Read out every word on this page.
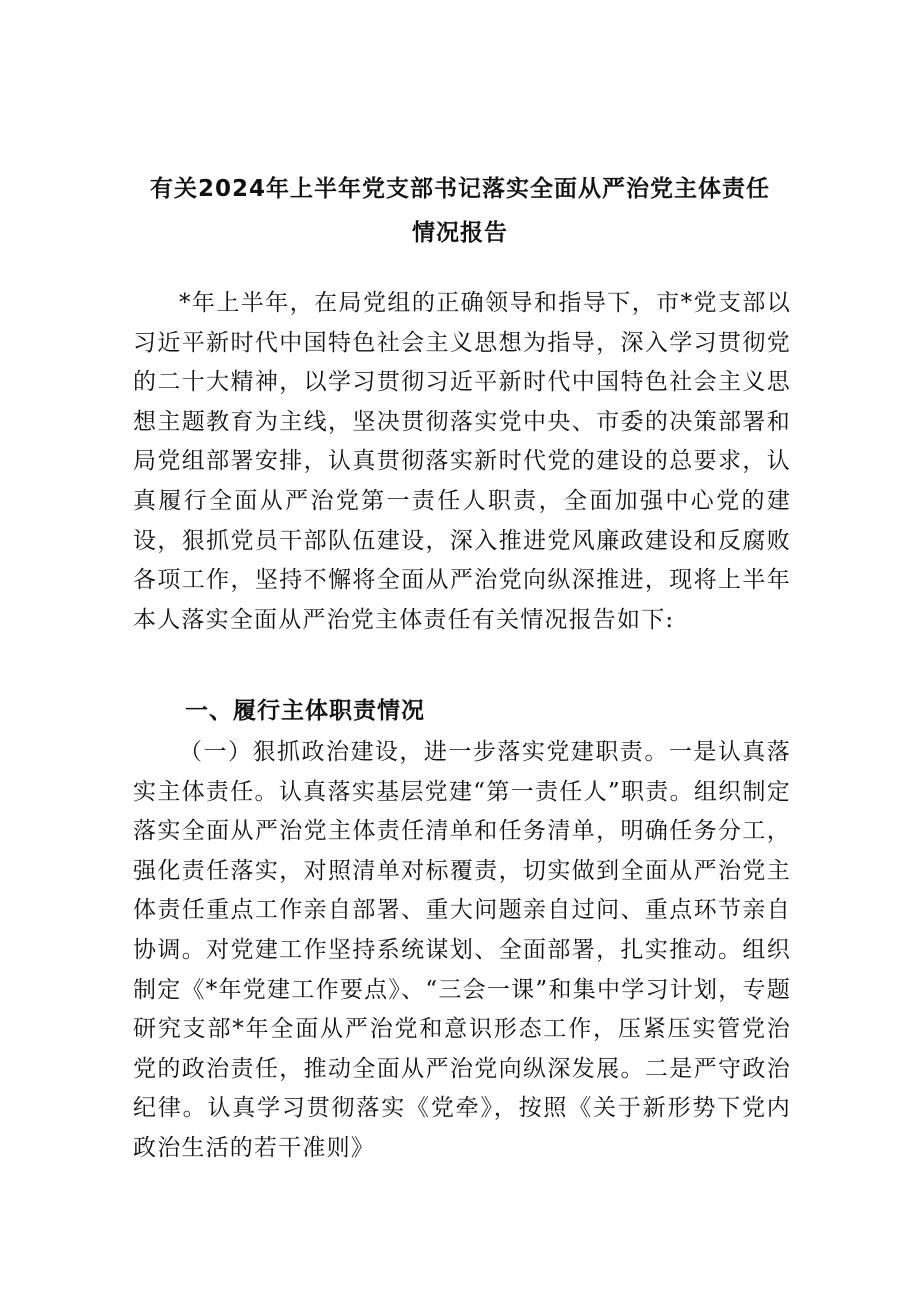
有关2024年上半年党支部书记落实全面从严治党主体责任
情况报告

*年上半年，在局党组的正确领导和指导下，市*党支部以习近平新时代中国特色社会主义思想为指导，深入学习贯彻党的二十大精神，以学习贯彻习近平新时代中国特色社会主义思想主题教育为主线，坚决贯彻落实党中央、市委的决策部署和局党组部署安排，认真贯彻落实新时代党的建设的总要求，认真履行全面从严治党第一责任人职责，全面加强中心党的建设，狠抓党员干部队伍建设，深入推进党风廉政建设和反腐败各项工作，坚持不懈将全面从严治党向纵深推进，现将上半年本人落实全面从严治党主体责任有关情况报告如下:

一、履行主体职责情况

（一）狠抓政治建设，进一步落实党建职责。一是认真落实主体责任。认真落实基层党建“第一责任人”职责。组织制定落实全面从严治党主体责任清单和任务清单，明确任务分工，强化责任落实，对照清单对标覆责，切实做到全面从严治党主体责任重点工作亲自部署、重大问题亲自过问、重点环节亲自协调。对党建工作坚持系统谋划、全面部署，扎实推动。组织制定《*年党建工作要点》、“三会一课”和集中学习计划，专题研究支部*年全面从严治党和意识形态工作，压紧压实管党治党的政治责任，推动全面从严治党向纵深发展。二是严守政治纪律。认真学习贯彻落实《党牵》，按照《关于新形势下党内政治生活的若干准则》
